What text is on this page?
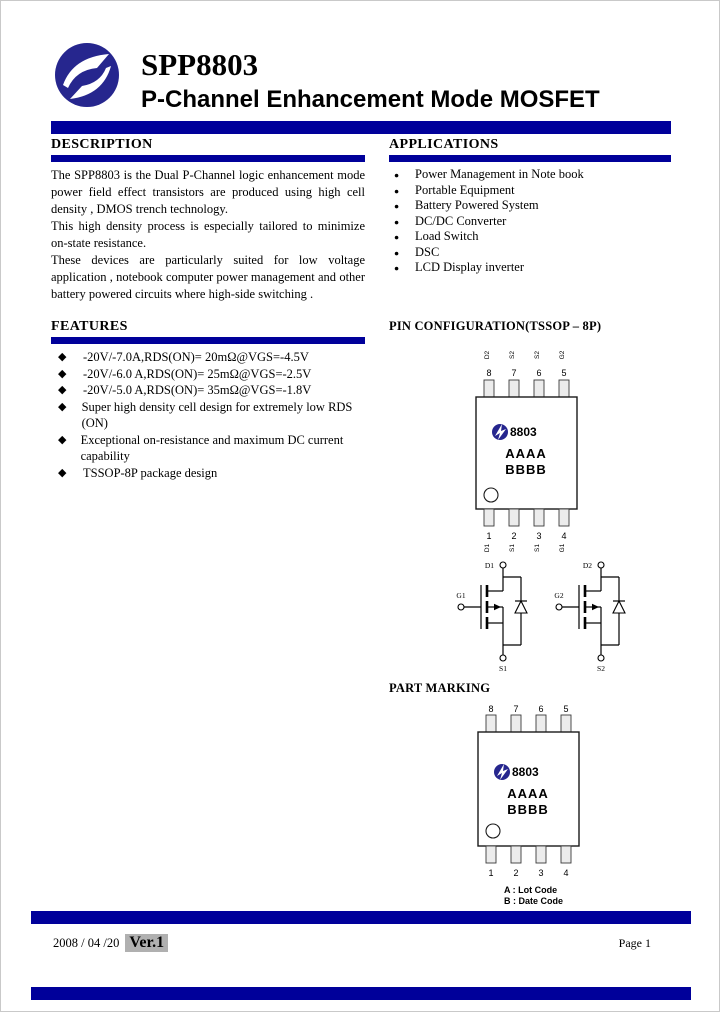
SPP8803
P-Channel Enhancement Mode MOSFET
DESCRIPTION

The SPP8803 is the Dual P-Channel logic enhancement mode power field effect transistors are produced using high cell density , DMOS trench technology.

This high density process is especially tailored to minimize on-state resistance.

These devices are particularly suited for low voltage application , notebook computer power management and other battery powered circuits where high-side switching .

APPLICATIONS
●	Power Management in Note book
●	Portable Equipment
●	Battery Powered System
●	DC/DC Converter
●	Load Switch
●	DSC
●	LCD Display inverter
FEATURES
◆	-20V/-7.0A,RDS(ON)= 20mΩ@VGS=-4.5V
◆	-20V/-6.0 A,RDS(ON)= 25mΩ@VGS=-2.5V
◆	-20V/-5.0 A,RDS(ON)= 35mΩ@VGS=-1.8V
◆	Super high density cell design for extremely low RDS (ON)
◆	Exceptional on-resistance and maximum DC current capability
◆	TSSOP-8P package design
PIN CONFIGURATION(TSSOP – 8P)
D2	S2	S2	G2
8 7 6 5
8803
AAAA
BBBB
1 2 3 4
D1	S1	S1	G1
D1
G1
S1
D2
G2
S2
PART MARKING
8 7 6 5
8803
AAAA
BBBB
1 2 3 4
A : Lot Code
B : Date Code
2008 / 04 /20 Ver.1	Page 1
